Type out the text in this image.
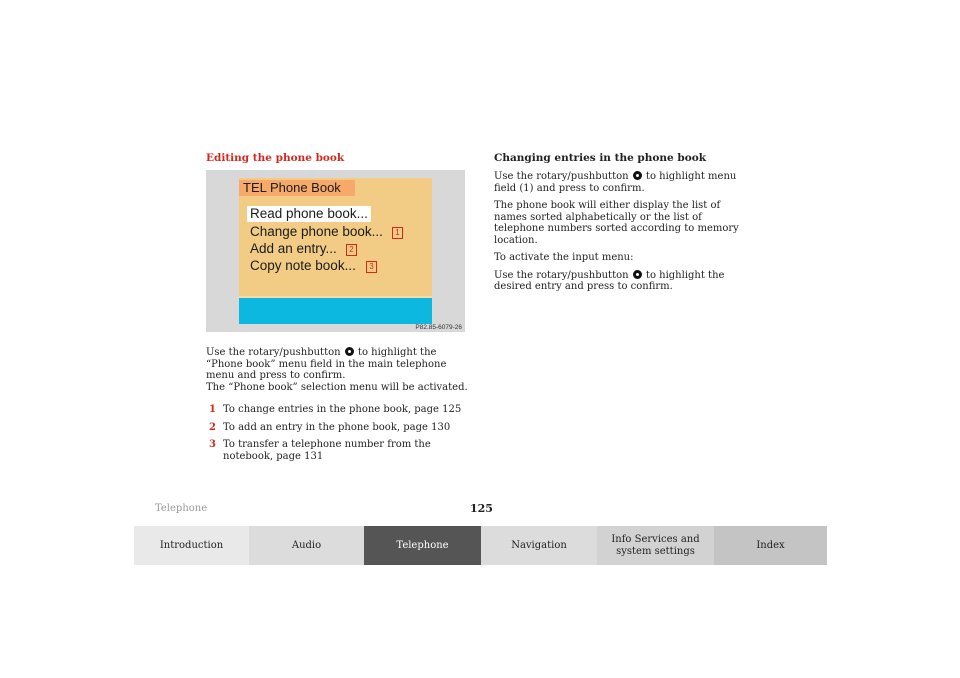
Editing the phone book
TEL Phone Book
Read phone book...
Change phone book...
Add an entry...
Copy note book...
1
2
3
P82.85-6079-26
Use the rotary/pushbutton to highlight the “Phone book” menu field in the main telephone menu and press to confirm.
The “Phone book” selection menu will be activated.
1 To change entries in the phone book, page 125
2 To add an entry in the phone book, page 130
3 To transfer a telephone number from the notebook, page 131
Changing entries in the phone book

Use the rotary/pushbutton to highlight menu field (1) and press to confirm.

The phone book will either display the list of names sorted alphabetically or the list of telephone numbers sorted according to memory location.

To activate the input menu:

Use the rotary/pushbutton to highlight the desired entry and press to confirm.

Telephone	125
Introduction	Audio	Telephone	Navigation
Info Services and
system settings
Index
